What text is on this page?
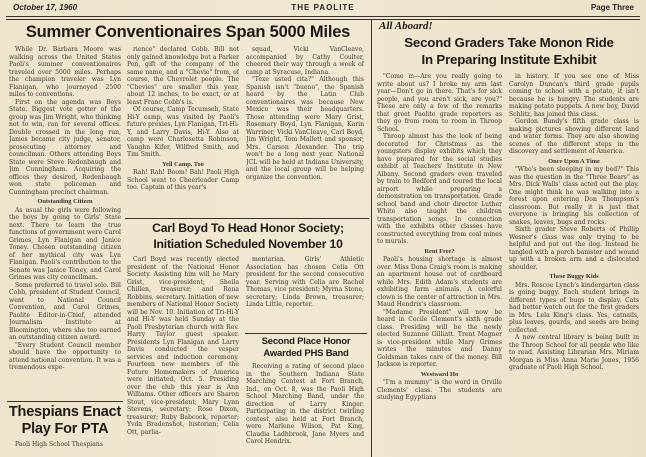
October 17, 1960	THE PAOLITE	Page Three
Summer Conventionaires Span 5000 Miles

While Dr. Barbara Moore was walking across the United States Paoli's summer conventionaires traveled over 5000 miles. Perhaps the champion traveler was Lyn Flanigan, who journeyed 2500 miles to conventions.

First on the agenda was Boys State. Biggest vote getter of the group was Jim Wright, who thinking not to win, ran for several offices. Double crossed in the long run, James became city judge, senator, prosecuting attorney and councilman. Others attending Boys State were Steve Redenbaugh and Jim Cunningham. Acquiring the offices they desired, Redenbaugh won state policeman and Cunningham precinct chairman.

Outstanding Citizen

As usual the girls were following the boys by going to Girls' State next. There to learn the true functions of government were Carol Grimes, Lyn Flanigan and Janice Toney. Chosen outstanding citizen of her mythical city was Lyn Flanigan. Paoli's contribution to the Senate was Janice Toney, and Carol Grimes was city councilman.

Some preferred to travel solo. Bill Cobb, president of Student Council, went to National Council Convention, and Carol Grimes, Paolite Editor-in-Chief, attended Journalism Institute at Bloomington, where she too earned an outstanding citizen award.

"Every Student Council member should have the opportunity to attend national convention. It was a tremendous expe-

rience" declared Cobb. Bill not only gained knowledge but a Parker Pen, gift of the company of the same name, and a "Chevie" from, of course, the Chevrolet people. The "Chevies" are smaller this year, about 12 inches, to be exact, or at least Franc Cobb's is.

Of course, Camp Tecumseh, State Hi-Y camp, was visited by Paoli's future prexies, Lyn Flanigan, Tri-Hi-Y, and Larry Davis, Hi-Y. Also at camp were Charlesetta Robinson, Vaughn Kifer, Wilfred Smith, and Tim Smith.

Yell Camp, Too

Rah! Rah! Boom! Bah! Paoli High School went to Cheerleader Camp too. Captain of this year's

squad, Vicki VanCleave, accompanied by Cathy Coulter, cheered their way through a week of camp at Syracuse, Indiana.

"Texe usted cita?" Although this Spanish isn't "bueno", the Spanish heard by the Latin Club conventionaires was because New Mexico was their headquarters. Those attending were Mary Grist, Rosemary Boyd, Lyn Flanigan, Karin Warriner, Vicki VanCleave, Carl Boyd, Jim Wright, Tom Mallett and sponsor, Mrs. Carson Alexander. The trip won't be a long next year. National JCL will be held at Indiana University, and the local group will be helping organize the convention.

Carl Boyd To Head Honor Society;
Initiation Scheduled November 10

Carl Boyd was recently elected president of the National Honor Society. Assisting him will be Mary Grist, vice-president; Sheila Chillen, treasurer; and Rena Robbins, secretary. Initiation of new members of National Honor Society will be Nov. 10. Initiation of Tri-Hi-Y and Hi-Y was held Sunday at the Paoli Presbyterian church with Rev. Harry Taylor guest speaker. Presidents Lyn Flanigan and Larry Davis conducted the vesper services and induction ceremony. Fourteen new members of the Future Homemakers of America were initiated, Oct. 5. Presiding over the club this year is Ann Williams. Other officers are Sharon Stout, vice-president; Mary Lynn Stevens, secretary; Rose Dixon, treasurer; Ruby Babcock, reporter; Yvda Bradenshot, historian; Celia Ott, parlia-

mentarian. Girls' Athletic Association has chosen Celia Ott president for the second consecutive year. Serving with Celia are Rachel Thomas, vice president; Myrna Stone, secretary; Linda Brown, treasurer; Linda Little, reporter.

Second Place Honor
Awarded PHS Band

Receiving a rating of second place in the Southern Indiana State Marching Contest at Fort Branch, Ind., on Oct. 8, was the Paoli High School Marching Band, under the direction of Larry Kinger. Participating in the district twirling contest, also held at Fort Branch, were Marlene Wilson, Pat King, Claudia Ladhbrook, Jane Myers and Carol Hendrix.

Thespians Enact
Play For PTA

Paoli High School Thespians

All Aboard!
Second Graders Take Monon Ride
In Preparing Institute Exhibit

"Come in—Are you really going to write about us? I broke my arm last year—Don't go in there. That's for sick people, and you aren't sick, are you?" These are only a few of the remarks that greet Paolite grade reporters as they go from room to room in Throop School.

Throop almost has the look of being decorated for Christmas as the youngsters display exhibits which they have prepared for the social studies exhibit at Teachers' Institute in New Albany. Second graders even traveled by train to Bedford and toured the local airport while preparing a demonstration on transportation. Grade school band and choir director Luther White also taught the children transportation songs. In connection with the exhibits other classes have constructed everything from coal mines to murals.

Rent Free?

Paoli's housing shortage is almost over. Miss Dona Craig's room is making an apartment house out of cardboard while Mrs. Edith Adam's students are exhibiting farm animals. A colorful clown is the center of attraction in Mrs. Maud Hendrix's classroom.

"Madame President" will now be heard in Cecile Clement's sixth grade class. Presiding will be the newly elected Suzanne Gilliatt. Trent Magner is vice-president while Mary Grimes writes the minutes and Danny Goldsman takes care of the money. Bill Jackson is reporter.

Westward Ho

"I'm a mummy" is the word in Orville Clements' class. The students are studying Egyptians

in history. If you see one of Miss Carolyn Duncan's third grade pupils coming to school with a potato, it isn't because he is hungry. The students are making potato puppets. A new boy, David Schlitz, has joined this class.

Gordon Bundy's fifth grade class is making pictures showing different land and water forms. They are also showing scenes of the different steps in the discovery and settlement of America.

Once Upon A Time

"Who's been sleeping in my bed?" This was the question in the "Three Bears" as Mrs. Dick Walls' class acted out the play. One might think he was walking into a forest upon entering Don Thompson's classroom. But really it is just that everyone is bringing his collection of snakes, leaves, bugs and rocks.

Sixth grader Steve Roberts of Phillip Wesner's class was only trying to be helpful and put out the dog. Instead he tangled with a porch banister and wound up with a broken arm and a dislocated shoulder.

These Buggy Kids

Mrs. Roscoe Lynch's kindergarten class is going buggy. Each student brings in different types of bugs to display. Cats had better watch out for the first graders in Mrs. Lela King's class. Yes, catnails, plus leaves, gourds, and seeds are being collected.

A new central library is being built in the Throop School for all people who like to read. Assisting Librarian Mrs. Miriam Morgan is Miss Anna Marie Jones, 1956 graduate of Paoli High School.
